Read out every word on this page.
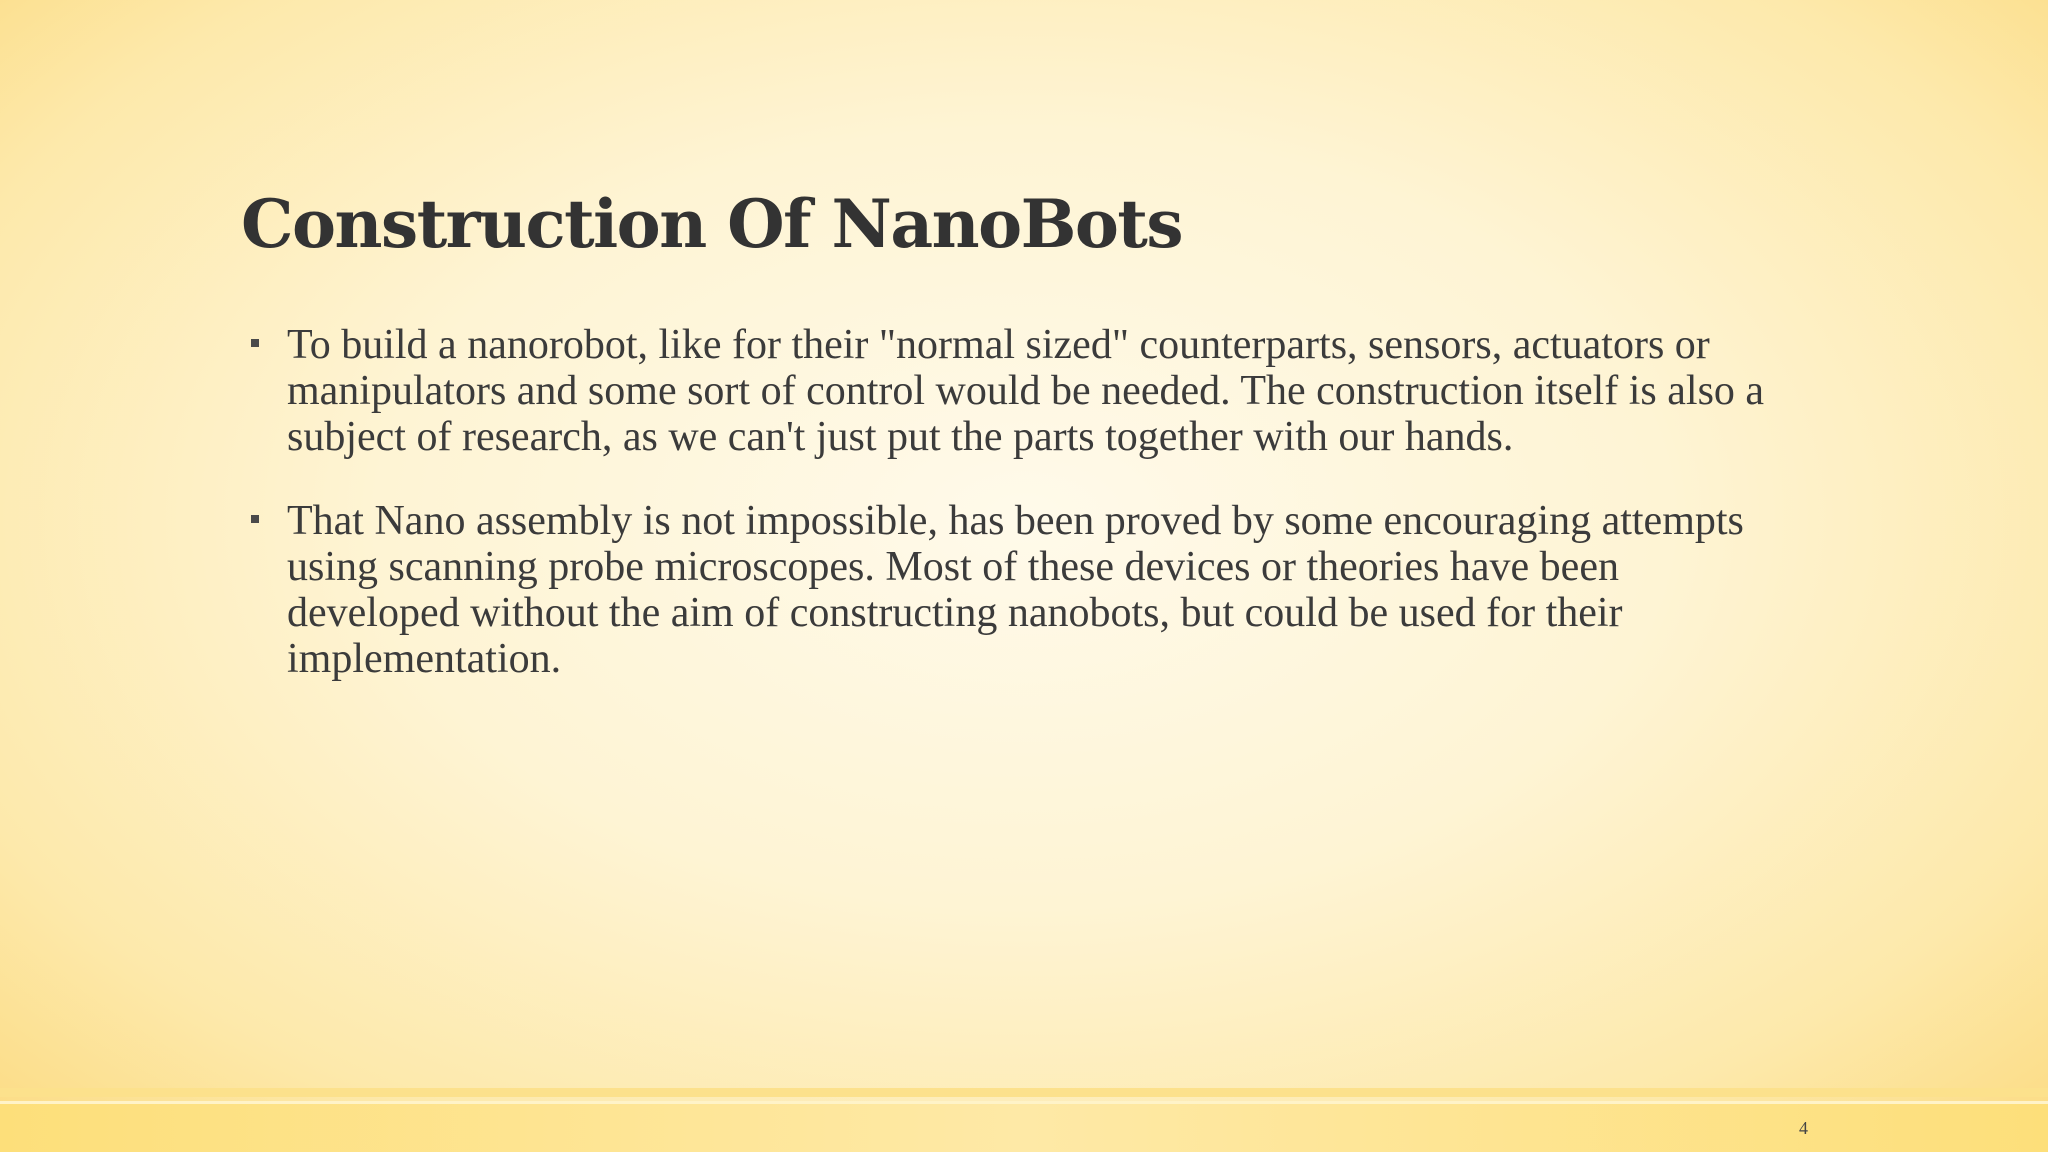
Construction Of NanoBots
To build a nanorobot, like for their "normal sized" counterparts, sensors, actuators or manipulators and some sort of control would be needed. The construction itself is also a subject of research, as we can't just put the parts together with our hands.
That Nano assembly is not impossible, has been proved by some encouraging attempts using scanning probe microscopes. Most of these devices or theories have been developed without the aim of constructing nanobots, but could be used for their implementation.
4
